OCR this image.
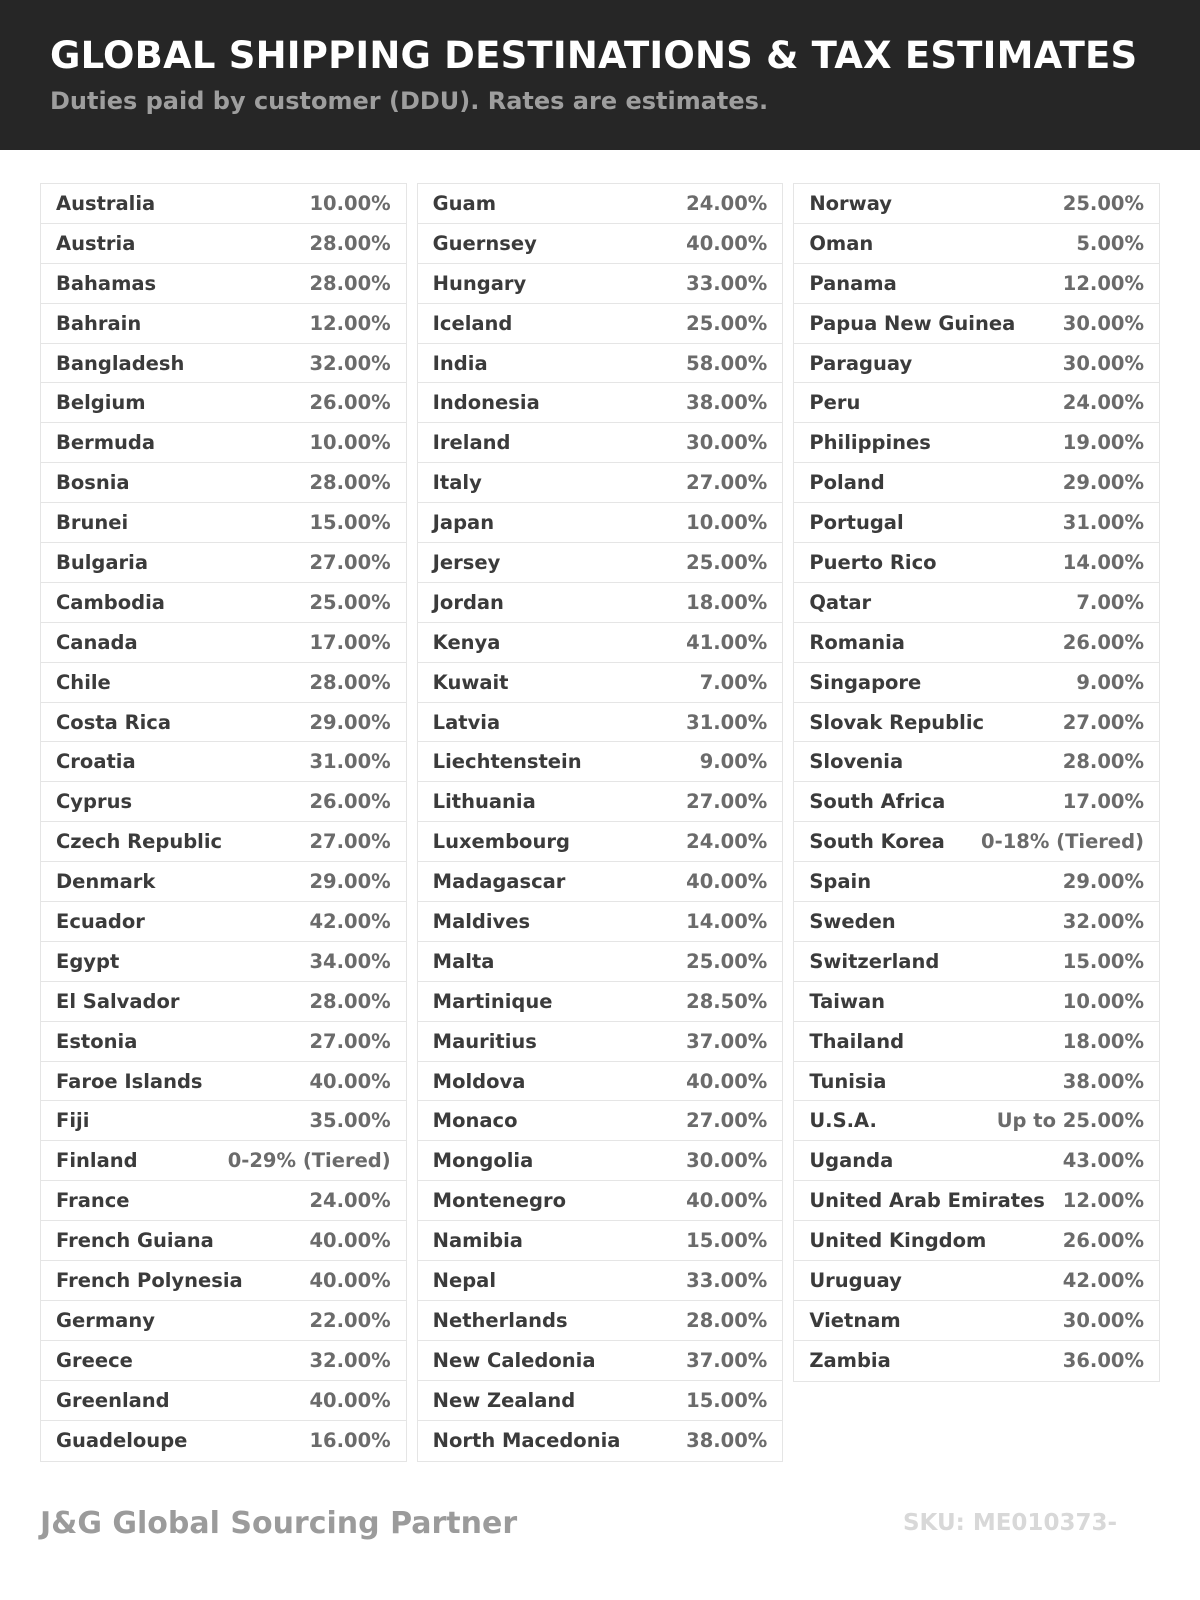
GLOBAL SHIPPING DESTINATIONS & TAX ESTIMATES

Duties paid by customer (DDU). Rates are estimates.

Australia	10.00%
Austria	28.00%
Bahamas	28.00%
Bahrain	12.00%
Bangladesh	32.00%
Belgium	26.00%
Bermuda	10.00%
Bosnia	28.00%
Brunei	15.00%
Bulgaria	27.00%
Cambodia	25.00%
Canada	17.00%
Chile	28.00%
Costa Rica	29.00%
Croatia	31.00%
Cyprus	26.00%
Czech Republic	27.00%
Denmark	29.00%
Ecuador	42.00%
Egypt	34.00%
El Salvador	28.00%
Estonia	27.00%
Faroe Islands	40.00%
Fiji	35.00%
Finland	0-29% (Tiered)
France	24.00%
French Guiana	40.00%
French Polynesia	40.00%
Germany	22.00%
Greece	32.00%
Greenland	40.00%
Guadeloupe	16.00%
Guam	24.00%
Guernsey	40.00%
Hungary	33.00%
Iceland	25.00%
India	58.00%
Indonesia	38.00%
Ireland	30.00%
Italy	27.00%
Japan	10.00%
Jersey	25.00%
Jordan	18.00%
Kenya	41.00%
Kuwait	7.00%
Latvia	31.00%
Liechtenstein	9.00%
Lithuania	27.00%
Luxembourg	24.00%
Madagascar	40.00%
Maldives	14.00%
Malta	25.00%
Martinique	28.50%
Mauritius	37.00%
Moldova	40.00%
Monaco	27.00%
Mongolia	30.00%
Montenegro	40.00%
Namibia	15.00%
Nepal	33.00%
Netherlands	28.00%
New Caledonia	37.00%
New Zealand	15.00%
North Macedonia	38.00%
Norway	25.00%
Oman	5.00%
Panama	12.00%
Papua New Guinea 30.00%
Paraguay	30.00%
Peru	24.00%
Philippines	19.00%
Poland	29.00%
Portugal	31.00%
Puerto Rico	14.00%
Qatar	7.00%
Romania	26.00%
Singapore	9.00%
Slovak Republic	27.00%
Slovenia	28.00%
South Africa	17.00%
South Korea 0-18% (Tiered)
Spain	29.00%
Sweden	32.00%
Switzerland	15.00%
Taiwan	10.00%
Thailand	18.00%
Tunisia	38.00%
U.S.A.	Up to 25.00%
Uganda	43.00%
United Arab Emirates 12.00%
United Kingdom	26.00%
Uruguay	42.00%
Vietnam	30.00%
Zambia	36.00%
J&G Global Sourcing Partner	SKU: ME010373-
